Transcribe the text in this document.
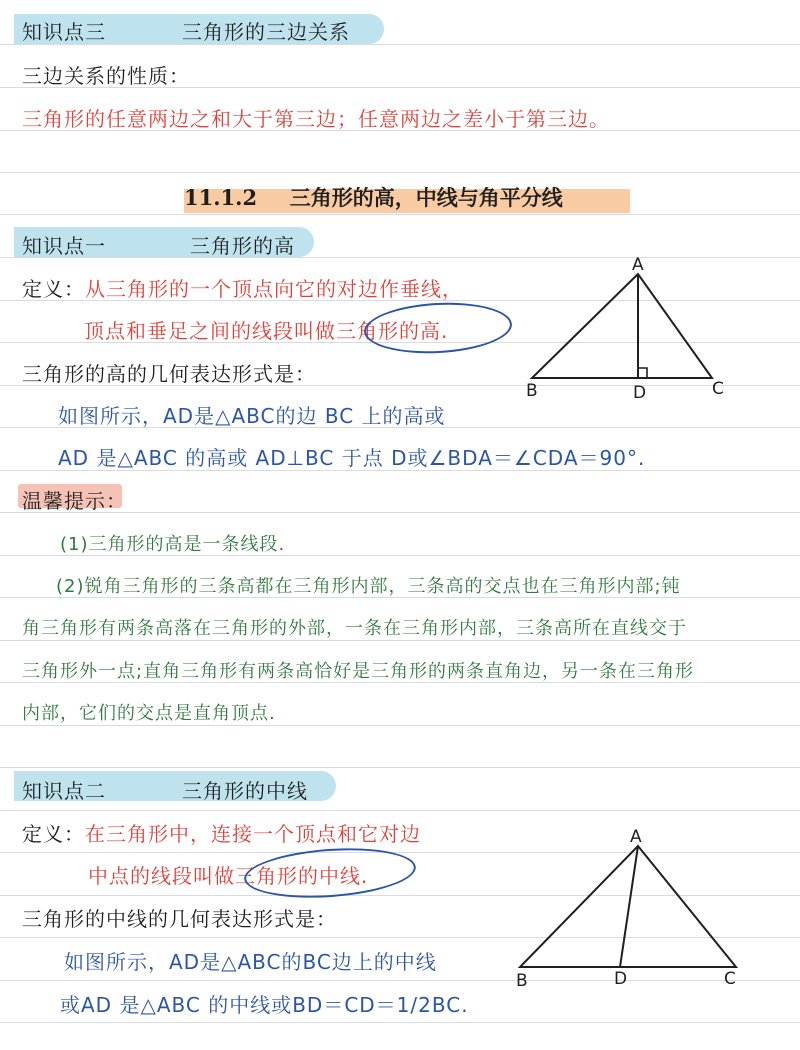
知识点三	三角形的三边关系
三边关系的性质：
三角形的任意两边之和大于第三边；任意两边之差小于第三边。
11.1.2 三角形的高，中线与角平分线
知识点一	三角形的高
定义：从三角形的一个顶点向它的对边作垂线，
顶点和垂足之间的线段叫做三角形的高.
三角形的高的几何表达形式是：
如图所示，AD是△ABC的边 BC 上的高或
AD 是△ABC 的高或 AD⊥BC 于点 D或∠BDA＝∠CDA＝90°.
A
B	C
D
温馨提示：
(1)三角形的高是一条线段.
(2)锐角三角形的三条高都在三角形内部，三条高的交点也在三角形内部;钝
角三角形有两条高落在三角形的外部，一条在三角形内部，三条高所在直线交于
三角形外一点;直角三角形有两条高恰好是三角形的两条直角边，另一条在三角形
内部，它们的交点是直角顶点.
知识点二	三角形的中线
定义：在三角形中，连接一个顶点和它对边
中点的线段叫做三角形的中线.
三角形的中线的几何表达形式是：
如图所示，AD是△ABC的BC边上的中线
或AD 是△ABC 的中线或BD＝CD＝1/2BC.
A
B	C
D
